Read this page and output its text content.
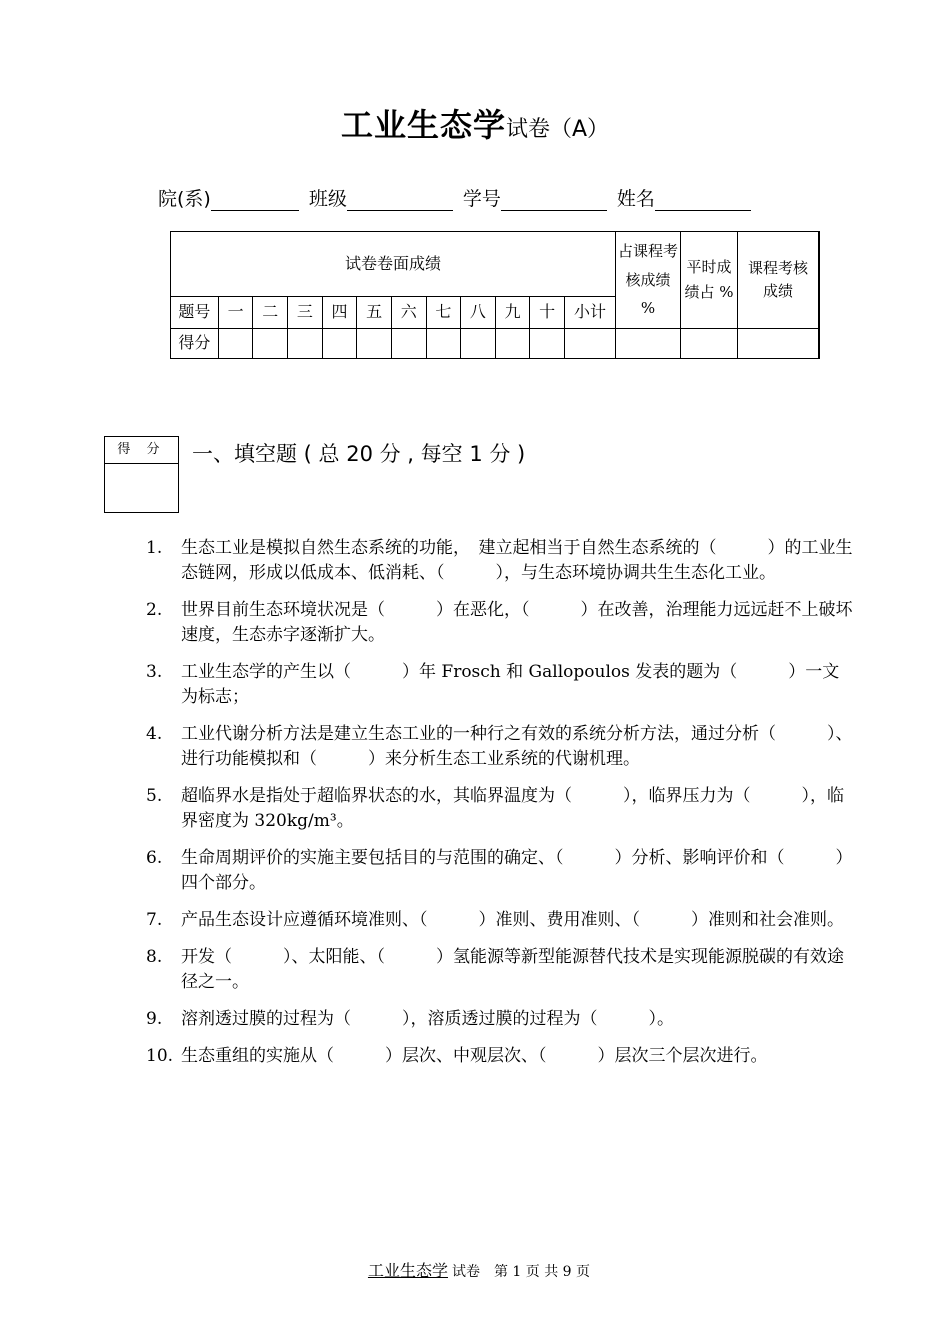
工业生态学试卷（A）
院(系)	班级	学号	姓名
试卷卷面成绩												占课程考核成绩 %	平时成绩占 %	课程考核成绩
题号	一	二	三	四	五	六	七	八	九	十	小计			
得分														
得 分	一、填空题 ( 总 20 分 , 每空 1 分 )
1. 生态工业是模拟自然生态系统的功能，　建立起相当于自然生态系统的（　　　）的工业生态链网，形成以低成本、低消耗、（　　　），与生态环境协调共生生态化工业。
2. 世界目前生态环境状况是（　　　）在恶化，（　　　）在改善，治理能力远远赶不上破坏速度，生态赤字逐渐扩大。
3. 工业生态学的产生以（　　　）年 Frosch 和 Gallopoulos 发表的题为（　　　）一文为标志；
4. 工业代谢分析方法是建立生态工业的一种行之有效的系统分析方法，通过分析（　　　）、进行功能模拟和（　　　）来分析生态工业系统的代谢机理。
5. 超临界水是指处于超临界状态的水，其临界温度为（　　　），临界压力为（　　　），临界密度为 320kg/m³。
6. 生命周期评价的实施主要包括目的与范围的确定、（　　　）分析、影响评价和（　　　）四个部分。
7. 产品生态设计应遵循环境准则、（　　　）准则、费用准则、（　　　）准则和社会准则。
8. 开发（　　　）、太阳能、（　　　）氢能源等新型能源替代技术是实现能源脱碳的有效途径之一。
9. 溶剂透过膜的过程为（　　　），溶质透过膜的过程为（　　　）。
10. 生态重组的实施从（　　　）层次、中观层次、（　　　）层次三个层次进行。
工业生态学 试卷　第 1 页 共 9 页
